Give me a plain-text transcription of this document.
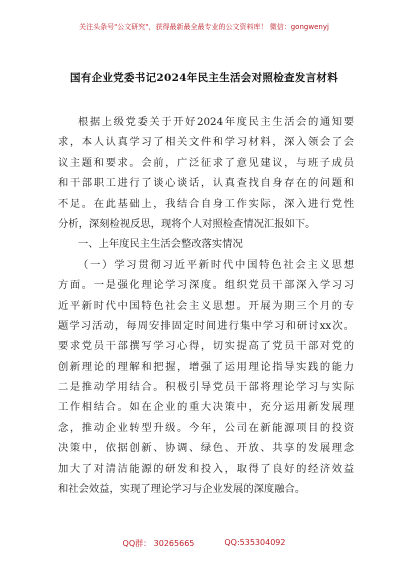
关注头条号"公文研究"，获得最新最全最专业的公文资料库！ 微信：gongwenyj
国有企业党委书记2024年民主生活会对照检查发言材料
根据上级党委关于开好2024年度民主生活会的通知要
求，本人认真学习了相关文件和学习材料，深入领会了会
议主题和要求。会前，广泛征求了意见建议，与班子成员
和干部职工进行了谈心谈话，认真查找自身存在的问题和
不足。在此基础上，我结合自身工作实际，深入进行党性
分析，深刻检视反思，现将个人对照检查情况汇报如下。
一、上年度民主生活会整改落实情况
（一）学习贯彻习近平新时代中国特色社会主义思想
方面。一是强化理论学习深度。组织党员干部深入学习习
近平新时代中国特色社会主义思想。开展为期三个月的专
题学习活动，每周安排固定时间进行集中学习和研讨xx次。
要求党员干部撰写学习心得，切实提高了党员干部对党的
创新理论的理解和把握，增强了运用理论指导实践的能力
二是推动学用结合。积极引导党员干部将理论学习与实际
工作相结合。如在企业的重大决策中，充分运用新发展理
念，推动企业转型升级。今年，公司在新能源项目的投资
决策中，依据创新、协调、绿色、开放、共享的发展理念
加大了对清洁能源的研发和投入，取得了良好的经济效益
和社会效益，实现了理论学习与企业发展的深度融合。
QQ群： 30265665	QQ:535304092
